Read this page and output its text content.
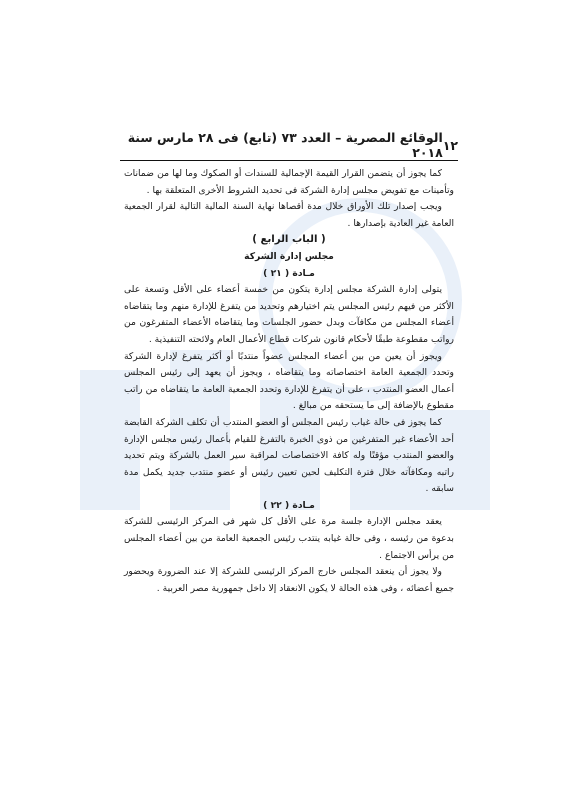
١٢
الوقائع المصرية – العدد ٧٣ (تابع) فى ٢٨ مارس سنة ٢٠١٨

كما يجوز أن يتضمن القرار القيمة الإجمالية للسندات أو الصكوك وما لها من ضمانات وتأمينات مع تفويض مجلس إدارة الشركة فى تحديد الشروط الأخرى المتعلقة بها .

ويجب إصدار تلك الأوراق خلال مدة أقصاها نهاية السنة المالية التالية لقرار الجمعية العامة غير العادية بإصدارها .

( الباب الرابع )

مجلس إدارة الشركة

مـادة ( ٢١ )

يتولى إدارة الشركة مجلس إدارة يتكون من خمسة أعضاء على الأقل وتسعة على الأكثر من فيهم رئيس المجلس يتم اختيارهم وتحديد من يتفرغ للإدارة منهم وما يتقاضاه أعضاء المجلس من مكافآت وبدل حضور الجلسات وما يتقاضاه الأعضاء المتفرغون من رواتب مقطوعة طبقًا لأحكام قانون شركات قطاع الأعمال العام ولائحته التنفيذية .

ويجوز أن يعين من بين أعضاء المجلس عضواً منتدبًا أو أكثر يتفرغ لإدارة الشركة وتحدد الجمعية العامة اختصاصاته وما يتقاضاه ، ويجوز أن يعهد إلى رئيس المجلس أعمال العضو المنتدب ، على أن يتفرغ للإدارة وتحدد الجمعية العامة ما يتقاضاه من راتب مقطوع بالإضافة إلى ما يستحقه من مبالغ .

كما يجوز فى حالة غياب رئيس المجلس أو العضو المنتدب أن تكلف الشركة القابضة أحد الأعضاء غير المتفرغين من ذوى الخبرة بالتفرغ للقيام بأعمال رئيس مجلس الإدارة والعضو المنتدب مؤقتًا وله كافة الاختصاصات لمراقبة سير العمل بالشركة ويتم تحديد راتبه ومكافآته خلال فترة التكليف لحين تعيين رئيس أو عضو منتدب جديد يكمل مدة سابقه .

مـادة ( ٢٢ )

يعقد مجلس الإدارة جلسة مرة على الأقل كل شهر فى المركز الرئيسى للشركة بدعوة من رئيسه ، وفى حالة غيابه ينتدب رئيس الجمعية العامة من بين أعضاء المجلس من يرأس الاجتماع .

ولا يجوز أن ينعقد المجلس خارج المركز الرئيسى للشركة إلا عند الضرورة ويحضور جميع أعضائه ، وفى هذه الحالة لا يكون الانعقاد إلا داخل جمهورية مصر العربية .
